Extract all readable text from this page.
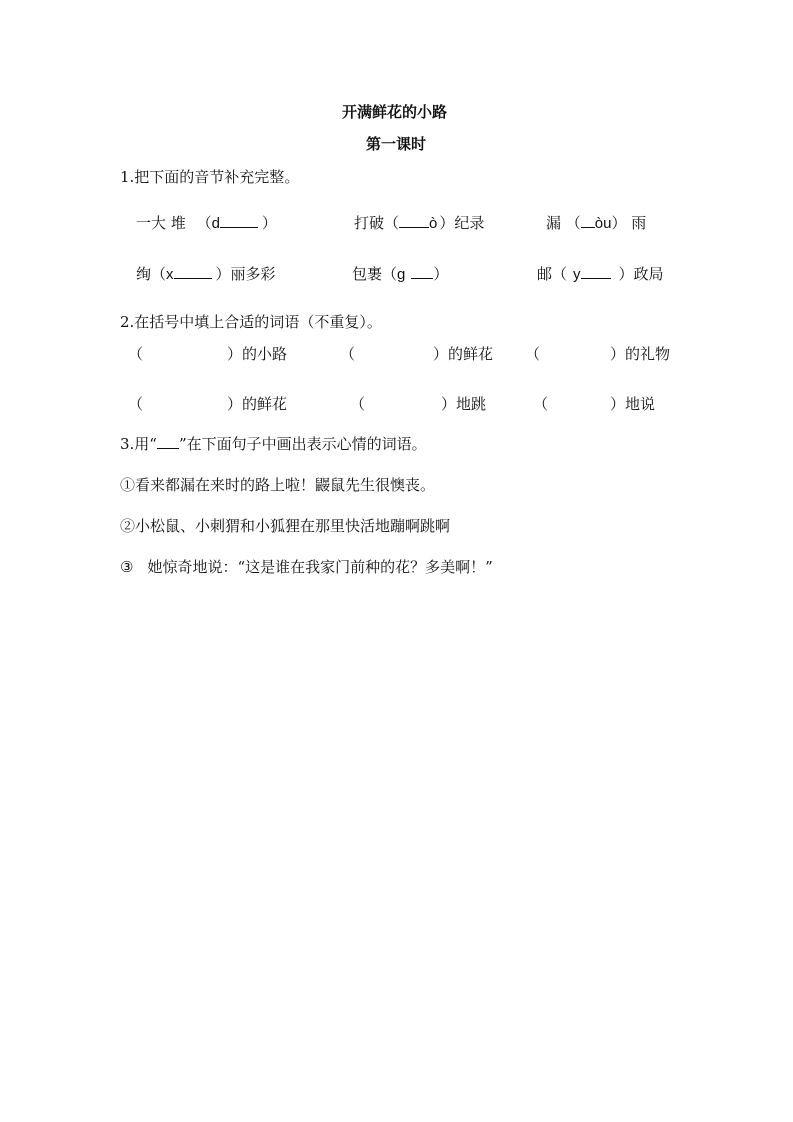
开满鲜花的小路
第一课时
1.把下面的音节补充完整。
一大 堆 （d	）	打破（ ò ）纪录	漏 （ òu） 雨
绚（x	）丽多彩	包裹（g ）	邮（ y	）政局
2.在括号中填上合适的词语（不重复）。
（	）的小路	（	）的鲜花 （	）的礼物
（	）的鲜花	（	）地跳	（	）地说
3.用“ ”在下面句子中画出表示心情的词语。
①看来都漏在来时的路上啦！鼹鼠先生很懊丧。
②小松鼠、小刺猬和小狐狸在那里快活地蹦啊跳啊
③ 她惊奇地说：“这是谁在我家门前种的花？多美啊！”
